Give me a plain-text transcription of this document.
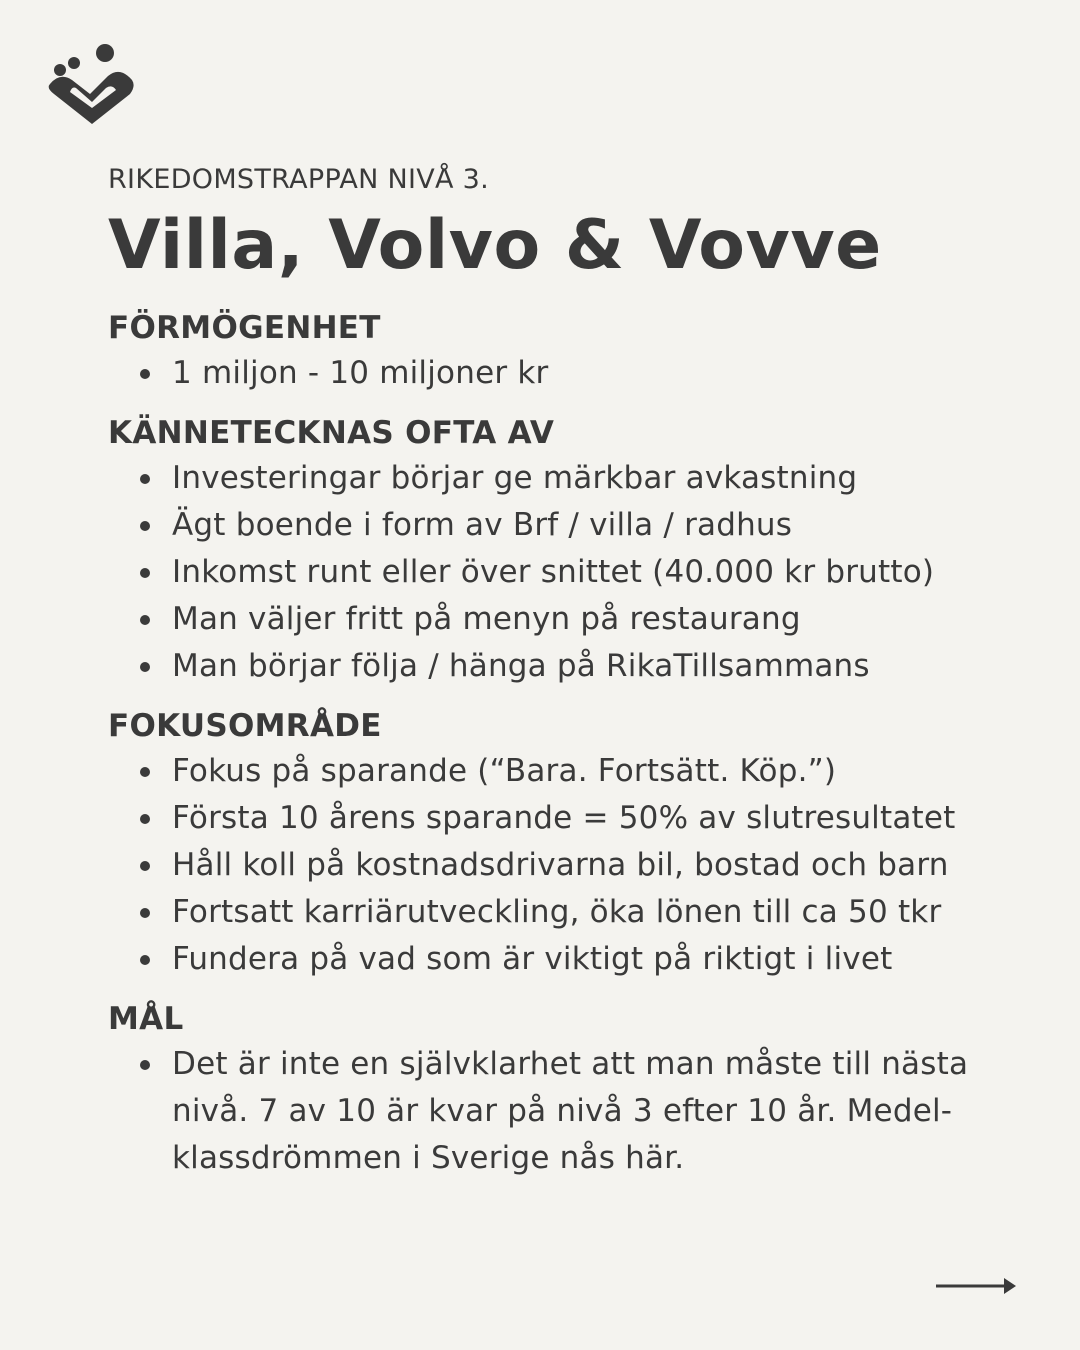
RIKEDOMSTRAPPAN NIVÅ 3.

Villa, Volvo & Vovve
FÖRMÖGENHET
1 miljon - 10 miljoner kr
KÄNNETECKNAS OFTA AV
Investeringar börjar ge märkbar avkastning
Ägt boende i form av Brf / villa / radhus
Inkomst runt eller över snittet (40.000 kr brutto)
Man väljer fritt på menyn på restaurang
Man börjar följa / hänga på RikaTillsammans
FOKUSOMRÅDE
Fokus på sparande (“Bara. Fortsätt. Köp.”)
Första 10 årens sparande = 50% av slutresultatet
Håll koll på kostnadsdrivarna bil, bostad och barn
Fortsatt karriärutveckling, öka lönen till ca 50 tkr
Fundera på vad som är viktigt på riktigt i livet
MÅL
Det är inte en självklarhet att man måste till nästa nivå. 7 av 10 är kvar på nivå 3 efter 10 år. Medel-klassdrömmen i Sverige nås här.
